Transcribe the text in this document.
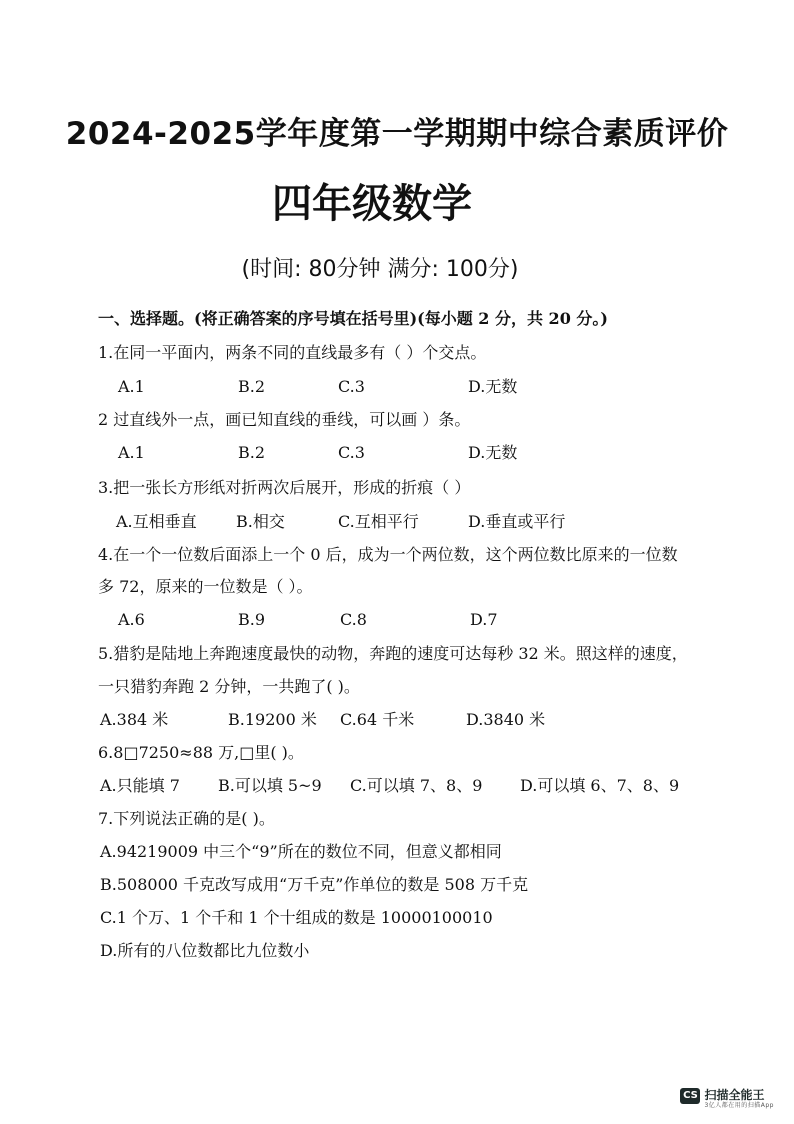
2024-2025学年度第一学期期中综合素质评价
四年级数学
(时间: 80分钟 满分: 100分)
一、选择题。(将正确答案的序号填在括号里)(每小题 2 分，共 20 分。)
1.在同一平面内，两条不同的直线最多有（ ）个交点。
A.1	B.2	C.3	D.无数
2 过直线外一点，画已知直线的垂线，可以画 ）条。
A.1	B.2	C.3	D.无数
3.把一张长方形纸对折两次后展开，形成的折痕（ ）
A.互相垂直 B.相交	C.互相平行	D.垂直或平行
4.在一个一位数后面添上一个 0 后，成为一个两位数，这个两位数比原来的一位数
多 72，原来的一位数是（ ）。
A.6	B.9	C.8	D.7
5.猎豹是陆地上奔跑速度最快的动物，奔跑的速度可达每秒 32 米。照这样的速度，
一只猎豹奔跑 2 分钟，一共跑了( )。
A.384 米	B.19200 米 C.64 千米	D.3840 米
6.8□7250≈88 万,□里( )。
A.只能填 7 B.可以填 5~9 C.可以填 7、8、9 D.可以填 6、7、8、9
7.下列说法正确的是( )。
A.94219009 中三个“9”所在的数位不同，但意义都相同
B.508000 千克改写成用“万千克”作单位的数是 508 万千克
C.1 个万、1 个千和 1 个十组成的数是 10000100010
D.所有的八位数都比九位数小
CS 扫描全能王
3亿人都在用的扫描App
